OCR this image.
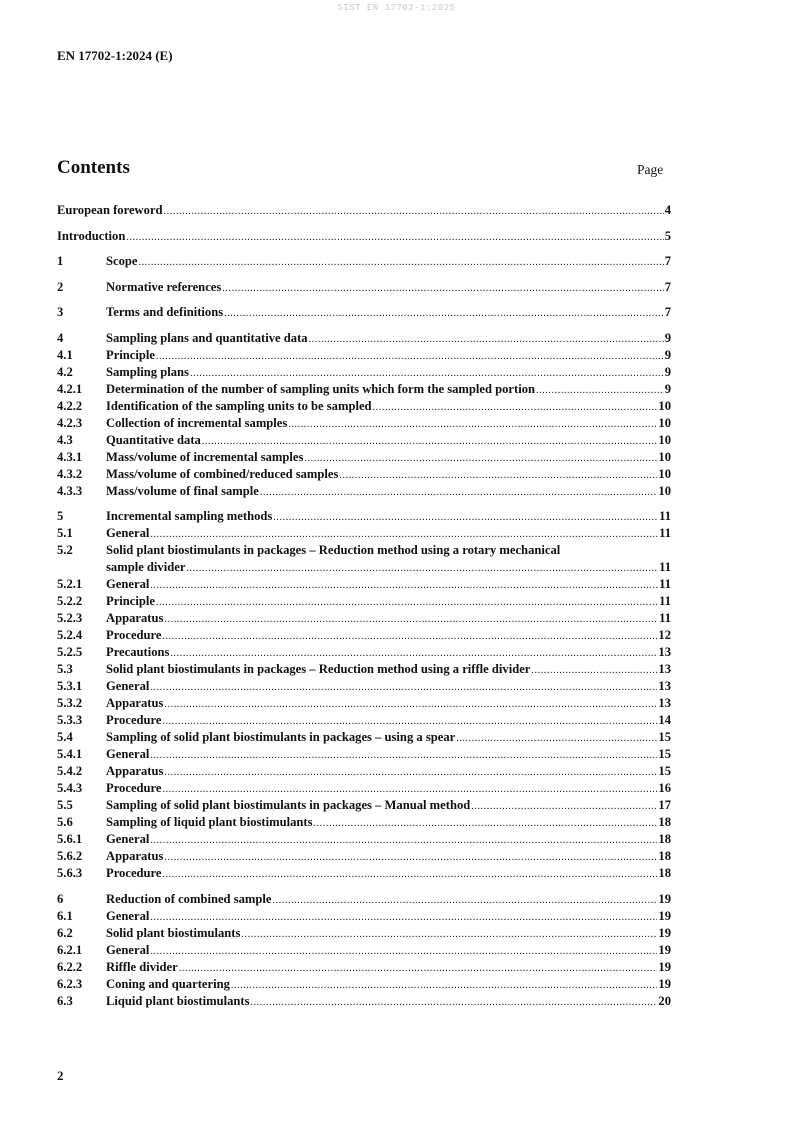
SIST EN 17702-1:2025
EN 17702-1:2024 (E)
Contents	Page
European foreword .....	4
Introduction .....	5
1	Scope .....	7
2	Normative references .....	7
3	Terms and definitions .....	7
4	Sampling plans and quantitative data .....	9
4.1	Principle .....	9
4.2	Sampling plans .....	9
4.2.1	Determination of the number of sampling units which form the sampled portion .....	9
4.2.2	Identification of the sampling units to be sampled .....	10
4.2.3	Collection of incremental samples .....	10
4.3	Quantitative data .....	10
4.3.1	Mass/volume of incremental samples .....	10
4.3.2	Mass/volume of combined/reduced samples .....	10
4.3.3	Mass/volume of final sample .....	10
5	Incremental sampling methods .....	11
5.1	General .....	11
5.2	Solid plant biostimulants in packages – Reduction method using a rotary mechanical
sample divider .....	11
5.2.1	General .....	11
5.2.2	Principle .....	11
5.2.3	Apparatus .....	11
5.2.4	Procedure .....	12
5.2.5	Precautions .....	13
5.3	Solid plant biostimulants in packages – Reduction method using a riffle divider .....	13
5.3.1	General .....	13
5.3.2	Apparatus .....	13
5.3.3	Procedure .....	14
5.4	Sampling of solid plant biostimulants in packages – using a spear .....	15
5.4.1	General .....	15
5.4.2	Apparatus .....	15
5.4.3	Procedure .....	16
5.5	Sampling of solid plant biostimulants in packages – Manual method .....	17
5.6	Sampling of liquid plant biostimulants .....	18
5.6.1	General .....	18
5.6.2	Apparatus .....	18
5.6.3	Procedure .....	18
6	Reduction of combined sample .....	19
6.1	General .....	19
6.2	Solid plant biostimulants .....	19
6.2.1	General .....	19
6.2.2	Riffle divider .....	19
6.2.3	Coning and quartering .....	19
6.3	Liquid plant biostimulants .....	20
2
